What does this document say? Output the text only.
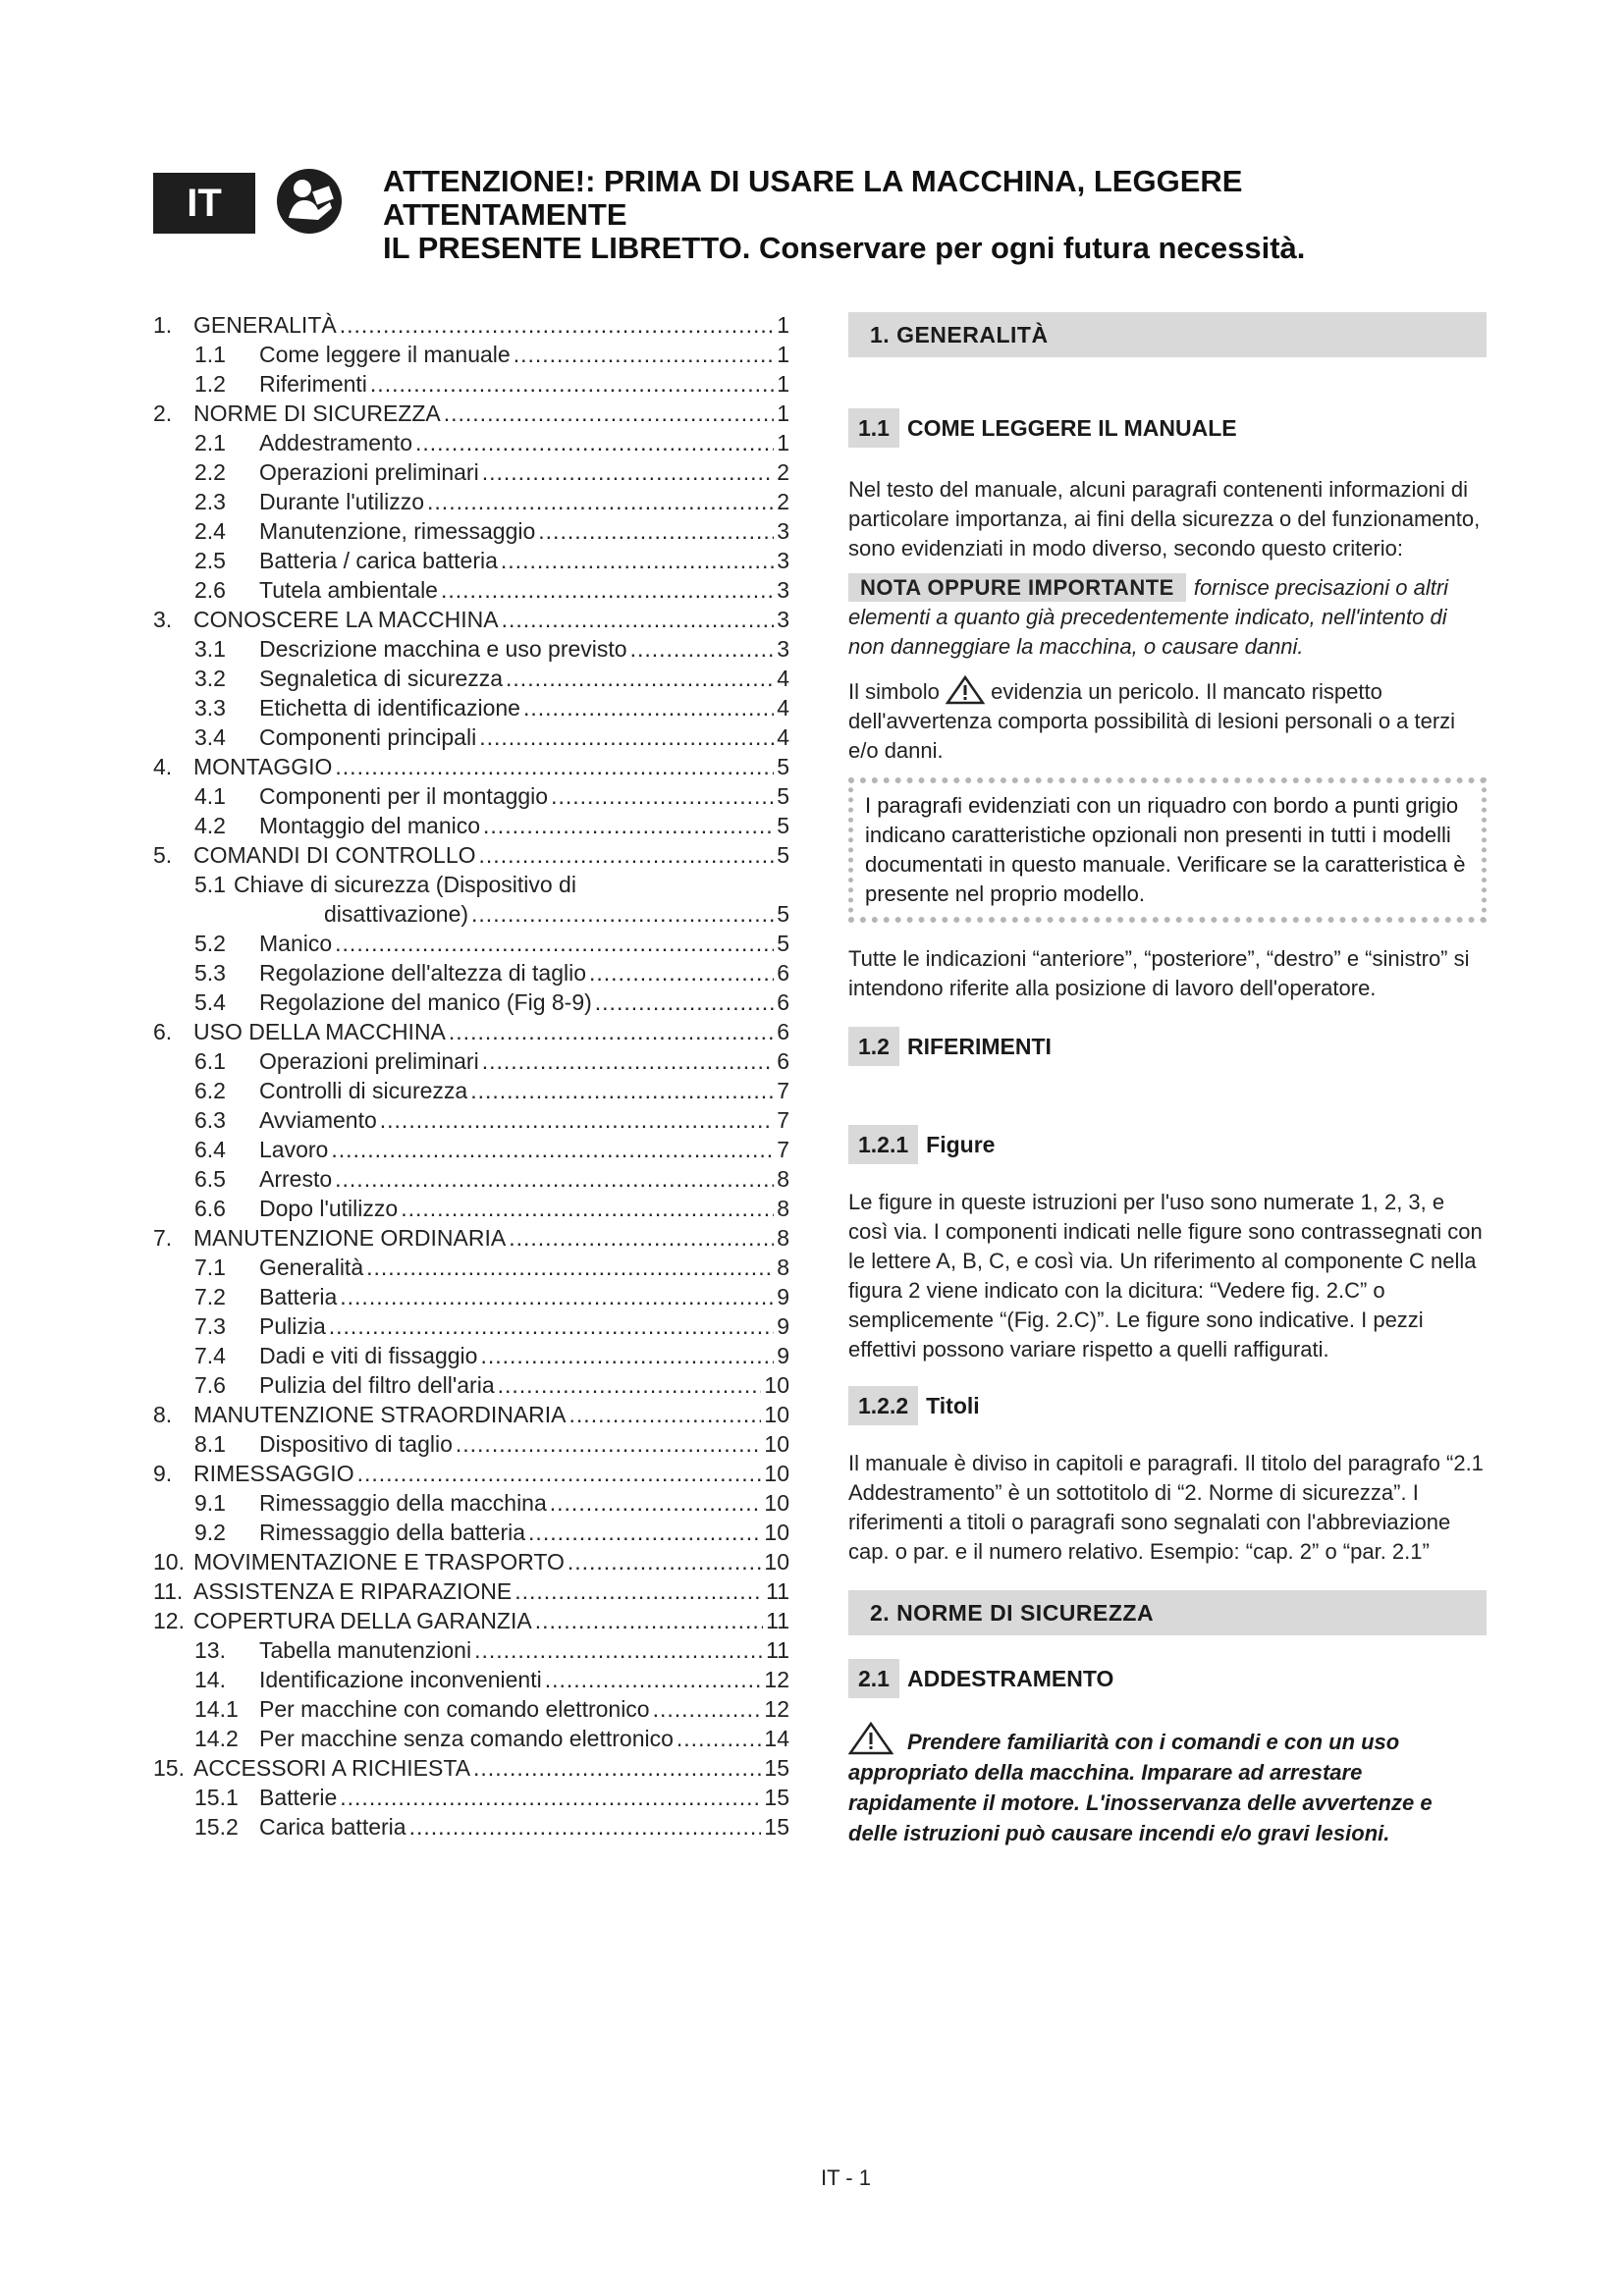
IT	ATTENZIONE!: PRIMA DI USARE LA MACCHINA, LEGGERE ATTENTAMENTE
IL PRESENTE LIBRETTO. Conservare per ogni futura necessità.
1. GENERALITÀ .....	1
1.1	Come leggere il manuale .....	1
1.2	Riferimenti .....	1
2. NORME DI SICUREZZA .....	1
2.1	Addestramento .....	1
2.2	Operazioni preliminari .....	2
2.3	Durante l'utilizzo .....	2
2.4	Manutenzione, rimessaggio .....	3
2.5	Batteria / carica batteria .....	3
2.6	Tutela ambientale .....	3
3. CONOSCERE LA MACCHINA .....	3
3.1	Descrizione macchina e uso previsto .....	3
3.2	Segnaletica di sicurezza .....	4
3.3	Etichetta di identificazione .....	4
3.4	Componenti principali .....	4
4. MONTAGGIO .....	5
4.1	Componenti per il montaggio .....	5
4.2	Montaggio del manico .....	5
5. COMANDI DI CONTROLLO .....	5
5.1 Chiave di sicurezza (Dispositivo di
disattivazione) .....	5
5.2	Manico .....	5
5.3	Regolazione dell'altezza di taglio .....	6
5.4	Regolazione del manico (Fig 8-9) .....	6
6. USO DELLA MACCHINA .....	6
6.1	Operazioni preliminari .....	6
6.2	Controlli di sicurezza .....	7
6.3	Avviamento .....	7
6.4	Lavoro .....	7
6.5	Arresto .....	8
6.6	Dopo l'utilizzo .....	8
7. MANUTENZIONE ORDINARIA .....	8
7.1	Generalità .....	8
7.2	Batteria .....	9
7.3	Pulizia .....	9
7.4	Dadi e viti di fissaggio .....	9
7.6	Pulizia del filtro dell'aria .....	10
8. MANUTENZIONE STRAORDINARIA .....	10
8.1	Dispositivo di taglio .....	10
9. RIMESSAGGIO .....	10
9.1	Rimessaggio della macchina .....	10
9.2	Rimessaggio della batteria .....	10
10. MOVIMENTAZIONE E TRASPORTO .....	10
11. ASSISTENZA E RIPARAZIONE .....	11
12. COPERTURA DELLA GARANZIA .....	11
13.	Tabella manutenzioni .....	11
14.	Identificazione inconvenienti .....	12
14.1 Per macchine con comando elettronico .....	12
14.2 Per macchine senza comando elettronico .....	14
15. ACCESSORI A RICHIESTA .....	15
15.1 Batterie .....	15
15.2 Carica batteria .....	15
1. GENERALITÀ
1.1 COME LEGGERE IL MANUALE
Nel testo del manuale, alcuni paragrafi contenenti informazioni di particolare importanza, ai fini della sicurezza o del funzionamento, sono evidenziati in modo diverso, secondo questo criterio:
NOTA OPPURE IMPORTANTE fornisce precisazioni o altri elementi a quanto già precedentemente indicato, nell'intento di non danneggiare la macchina, o causare danni.
Il simbolo evidenzia un pericolo. Il mancato rispetto dell'avvertenza comporta possibilità di lesioni personali o a terzi e/o danni.
I paragrafi evidenziati con un riquadro con bordo a punti grigio indicano caratteristiche opzionali non presenti in tutti i modelli documentati in questo manuale. Verificare se la caratteristica è presente nel proprio modello.
Tutte le indicazioni “anteriore”, “posteriore”, “destro” e “sinistro” si intendono riferite alla posizione di lavoro dell'operatore.
1.2 RIFERIMENTI
1.2.1 Figure
Le figure in queste istruzioni per l'uso sono numerate 1, 2, 3, e così via. I componenti indicati nelle figure sono contrassegnati con le lettere A, B, C, e così via. Un riferimento al componente C nella figura 2 viene indicato con la dicitura: “Vedere fig. 2.C” o semplicemente “(Fig. 2.C)”. Le figure sono indicative. I pezzi effettivi possono variare rispetto a quelli raffigurati.
1.2.2 Titoli
Il manuale è diviso in capitoli e paragrafi. Il titolo del paragrafo “2.1 Addestramento” è un sottotitolo di “2. Norme di sicurezza”. I riferimenti a titoli o paragrafi sono segnalati con l'abbreviazione cap. o par. e il numero relativo. Esempio: “cap. 2” o “par. 2.1”
2. NORME DI SICUREZZA
2.1 ADDESTRAMENTO
Prendere familiarità con i comandi e con un uso appropriato della macchina. Imparare ad arrestare rapidamente il motore. L'inosservanza delle avvertenze e delle istruzioni può causare incendi e/o gravi lesioni.
IT - 1
